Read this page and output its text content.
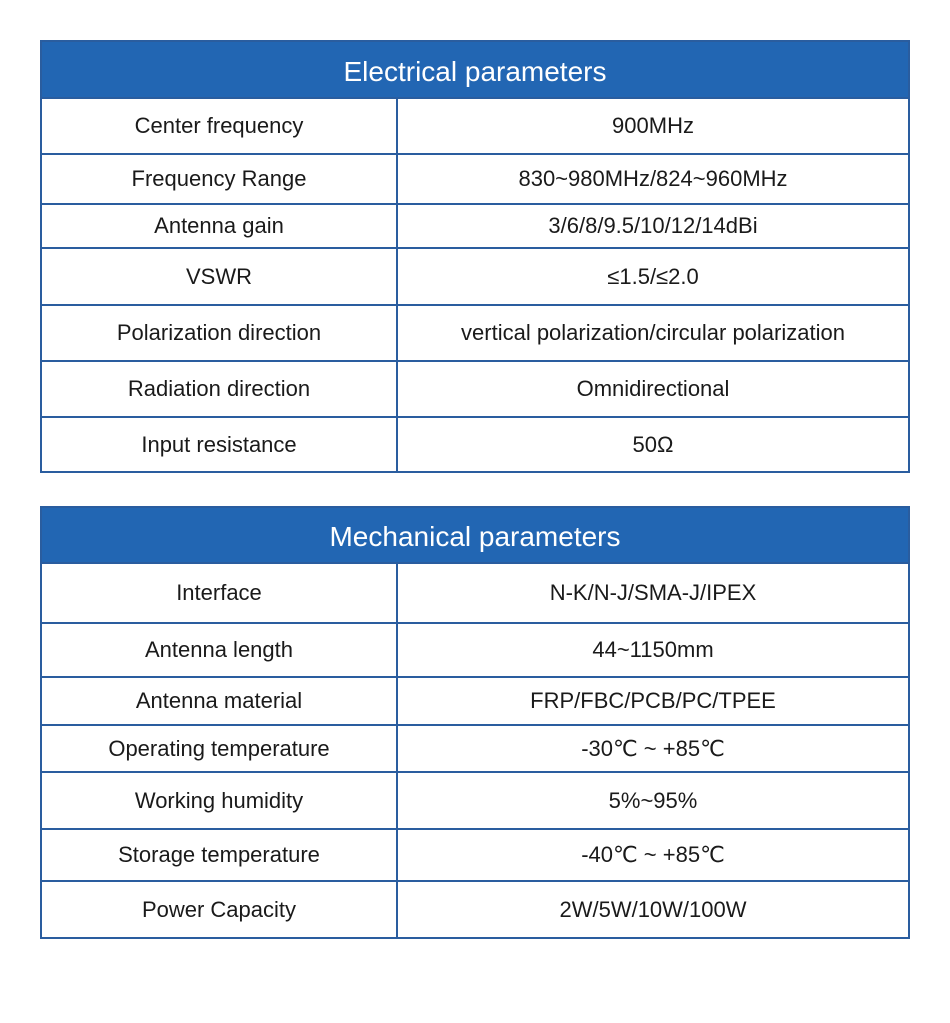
Electrical parameters
Center frequency	900MHz
Frequency Range	830~980MHz/824~960MHz
Antenna gain	3/6/8/9.5/10/12/14dBi
VSWR	≤1.5/≤2.0
Polarization direction	vertical polarization/circular polarization
Radiation direction	Omnidirectional
Input resistance	50Ω
Mechanical parameters
Interface	N-K/N-J/SMA-J/IPEX
Antenna length	44~1150mm
Antenna material	FRP/FBC/PCB/PC/TPEE
Operating temperature	-30℃ ~ +85℃
Working humidity	5%~95%
Storage temperature	-40℃ ~ +85℃
Power Capacity	2W/5W/10W/100W
